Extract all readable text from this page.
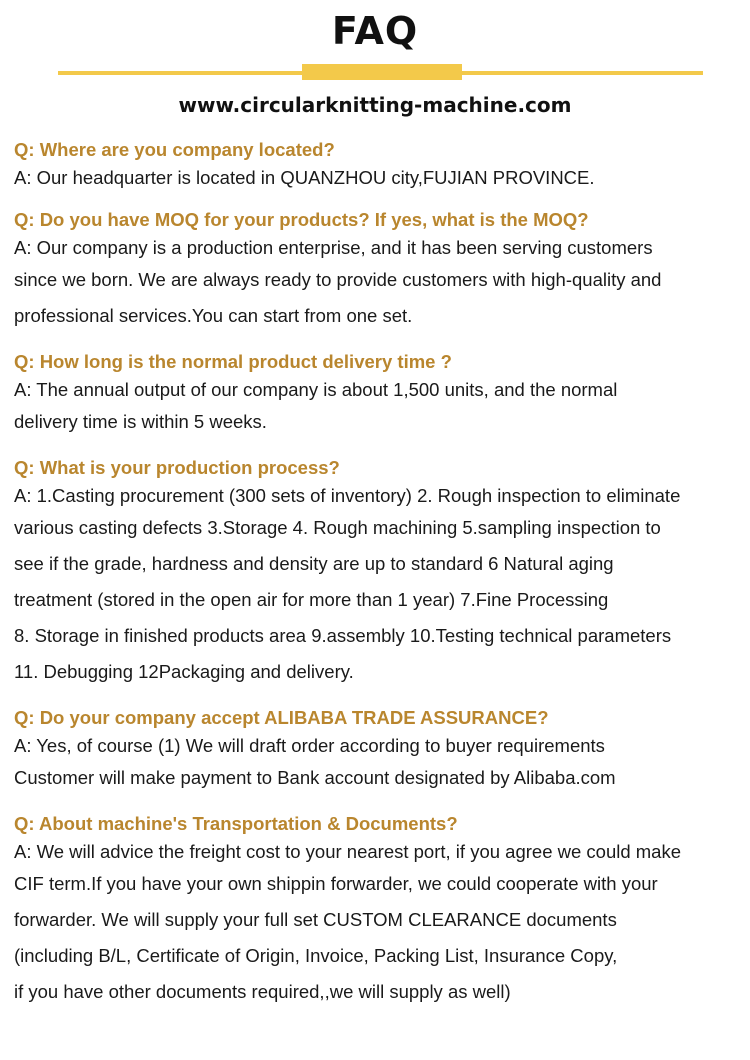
FAQ
www.circularknitting-machine.com
Q: Where are you company located?
A: Our headquarter is located in QUANZHOU city,FUJIAN PROVINCE.
Q: Do you have MOQ for your products? If yes, what is the MOQ?
A: Our company is a production enterprise, and it has been serving customers
since we born. We are always ready to provide customers with high-quality and
professional services.You can start from one set.
Q: How long is the normal product delivery time ?
A: The annual output of our company is about 1,500 units, and the normal
delivery time is within 5 weeks.
Q: What is your production process?
A: 1.Casting procurement (300 sets of inventory) 2. Rough inspection to eliminate
various casting defects 3.Storage 4. Rough machining 5.sampling inspection to
see if the grade, hardness and density are up to standard 6 Natural aging
treatment (stored in the open air for more than 1 year) 7.Fine Processing
8. Storage in finished products area 9.assembly 10.Testing technical parameters
11. Debugging 12Packaging and delivery.
Q: Do your company accept ALIBABA TRADE ASSURANCE?
A: Yes, of course (1) We will draft order according to buyer requirements
Customer will make payment to Bank account designated by Alibaba.com
Q: About machine's Transportation & Documents?
A: We will advice the freight cost to your nearest port, if you agree we could make
CIF term.If you have your own shippin forwarder, we could cooperate with your
forwarder. We will supply your full set CUSTOM CLEARANCE documents
(including B/L, Certificate of Origin, Invoice, Packing List, Insurance Copy,
if you have other documents required,,we will supply as well)
